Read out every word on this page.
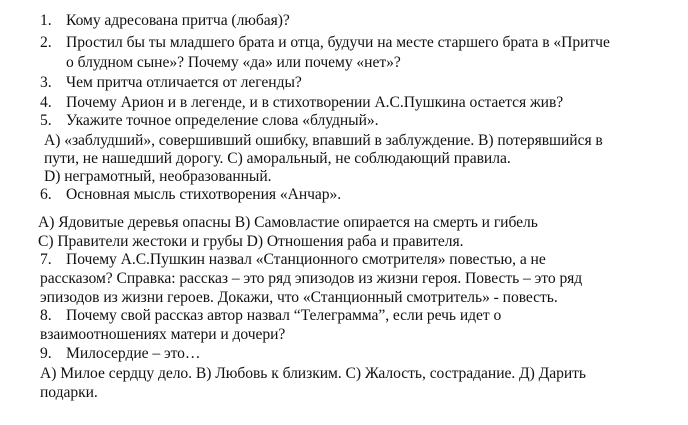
1. Кому адресована притча (любая)?
2. Простил бы ты младшего брата и отца, будучи на месте старшего брата в «Притче
о блудном сыне»? Почему «да» или почему «нет»?
3. Чем притча отличается от легенды?
4. Почему Арион и в легенде, и в стихотворении А.С.Пушкина остается жив?
5. Укажите точное определение слова «блудный».
A) «заблудший», совершивший ошибку, впавший в заблуждение. B) потерявшийся в
пути, не нашедший дорогу. C) аморальный, не соблюдающий правила.
D) неграмотный, необразованный.
6. Основная мысль стихотворения «Анчар».
A) Ядовитые деревья опасны B) Самовластие опирается на смерть и гибель
C) Правители жестоки и грубы D) Отношения раба и правителя.
7. Почему А.С.Пушкин назвал «Станционного смотрителя» повестью, а не
рассказом? Справка: рассказ – это ряд эпизодов из жизни героя. Повесть – это ряд
эпизодов из жизни героев. Докажи, что «Станционный смотритель» - повесть.
8. Почему свой рассказ автор назвал “Телеграмма”, если речь идет о
взаимоотношениях матери и дочери?
9. Милосердие – это…
A) Милое сердцу дело. B) Любовь к близким. C) Жалость, сострадание. Д) Дарить
подарки.
